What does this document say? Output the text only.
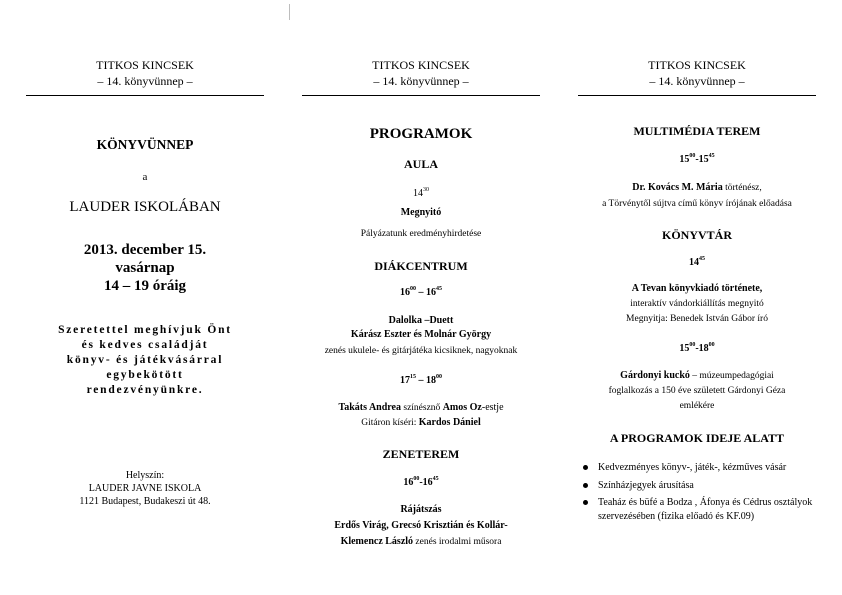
TITKOS KINCSEK
– 14. könyvünnep –
KÖNYVÜNNEP
a
LAUDER ISKOLÁBAN
2013. december 15.
vasárnap
14 – 19 óráig
Szeretettel meghívjuk Önt
és kedves családját
könyv- és játékvásárral
egybekötött
rendezvényünkre.
Helyszín:
LAUDER JAVNE ISKOLA
1121 Budapest, Budakeszi út 48.
TITKOS KINCSEK
– 14. könyvünnep –
PROGRAMOK
AULA
$14^{30}$
Megnyitó
Pályázatunk eredményhirdetése
DIÁKCENTRUM
$16^{00} - 16^{45}$
Dalolka –Duett
Kárász Eszter és Molnár György
zenés ukulele- és gitárjátéka kicsiknek, nagyoknak
$17^{15} - 18^{00}$
Takáts Andrea színésznő Amos Oz-estje
Gitáron kíséri: Kardos Dániel
ZENETEREM
$16^{00}-16^{45}$
Rájátszás
Erdős Virág, Grecsó Krisztián és Kollár-
Klemencz László zenés irodalmi műsora
TITKOS KINCSEK
– 14. könyvünnep –
MULTIMÉDIA TEREM
$15^{00}-15^{45}$
Dr. Kovács M. Mária történész,
a Törvénytől sújtva című könyv írójának előadása
KÖNYVTÁR
$14^{45}$
A Tevan könyvkiadó története,
interaktív vándorkiállítás megnyitó
Megnyitja: Benedek István Gábor író
$15^{00}-18^{00}$
Gárdonyi kuckó – múzeumpedagógiai
foglalkozás a 150 éve született Gárdonyi Géza
emlékére
A PROGRAMOK IDEJE ALATT
Kedvezményes könyv-, játék-, kézműves vásár
Színházjegyek árusítása
Teaház és büfé a Bodza , Áfonya és Cédrus osztályok szervezésében (fizika előadó és KF.09)
